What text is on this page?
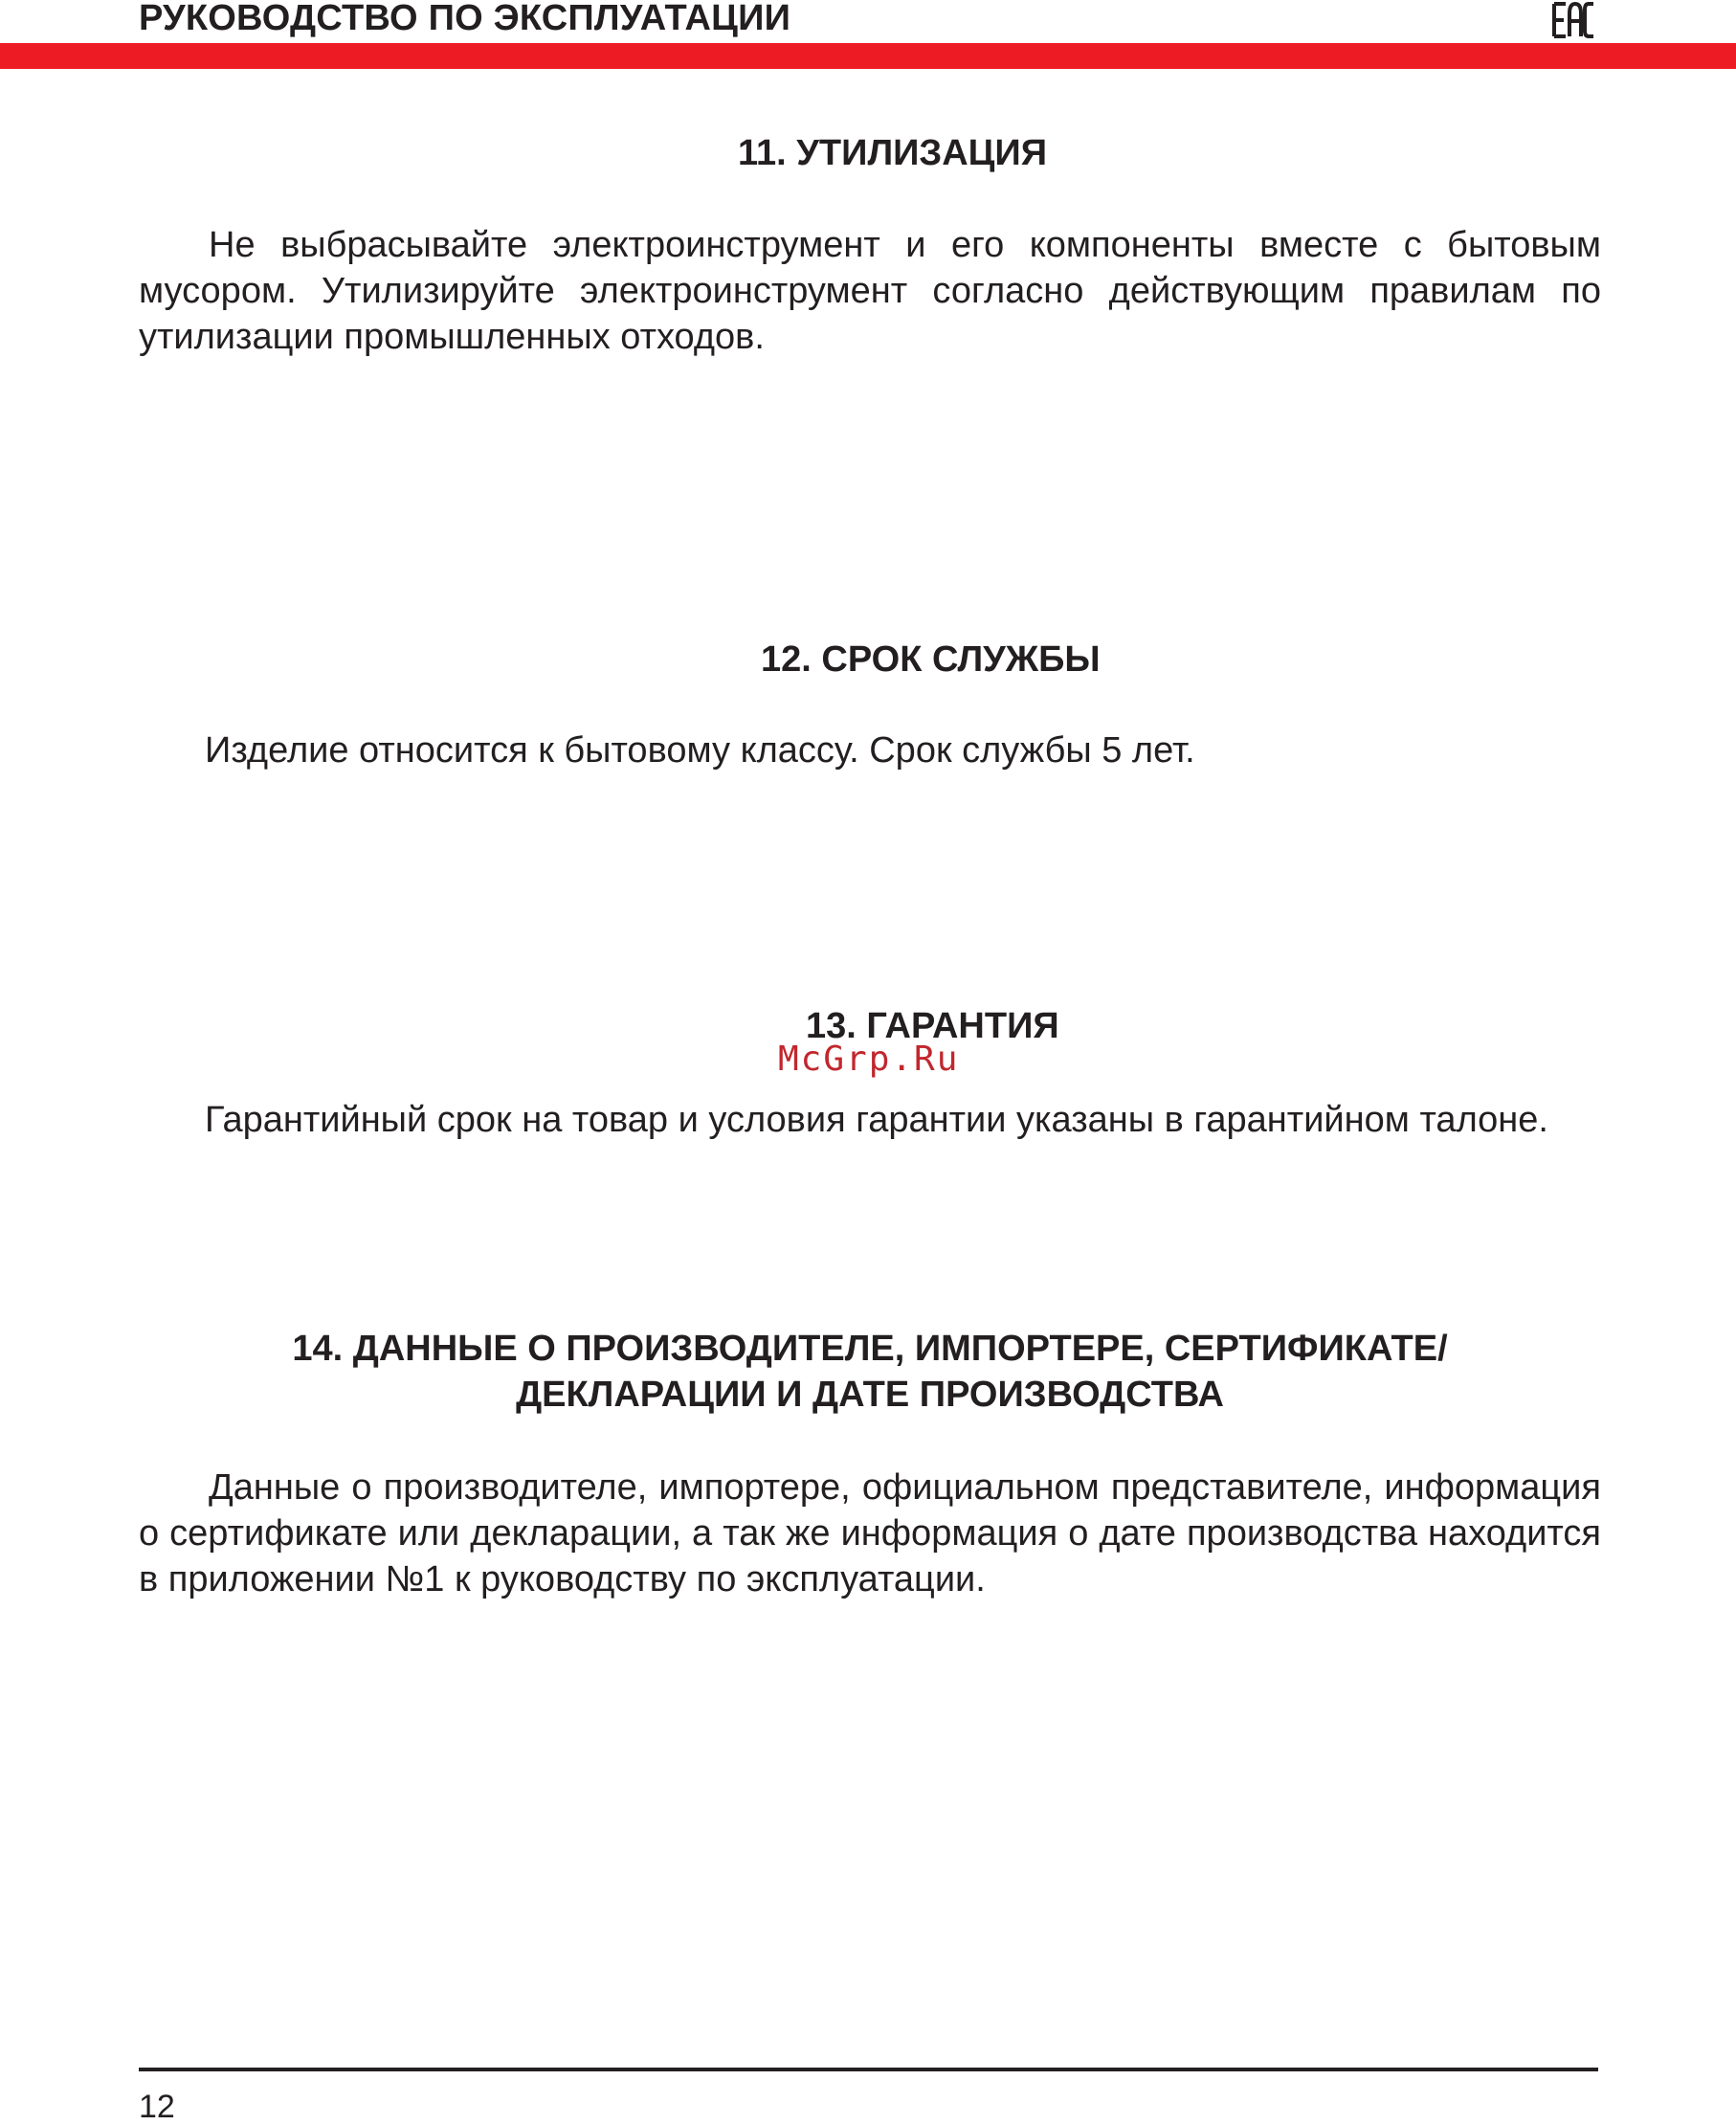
РУКОВОДСТВО ПО ЭКСПЛУАТАЦИИ
11. УТИЛИЗАЦИЯ
Не выбрасывайте электроинструмент и его компоненты вместе с бытовым мусором. Утилизируйте электроинструмент согласно действующим правилам по утилизации промышленных отходов.
12. СРОК СЛУЖБЫ
Изделие относится к бытовому классу. Срок службы 5 лет.
13. ГАРАНТИЯ
Гарантийный срок на товар и условия гарантии указаны в гарантийном талоне.
McGrp.Ru
14. ДАННЫЕ О ПРОИЗВОДИТЕЛЕ, ИМПОРТЕРЕ, СЕРТИФИКАТЕ/
ДЕКЛАРАЦИИ И ДАТЕ ПРОИЗВОДСТВА
Данные о производителе, импортере, официальном представителе, информация о сертификате или декларации, а так же информация о дате производства находится в приложении №1 к руководству по эксплуатации.
12
